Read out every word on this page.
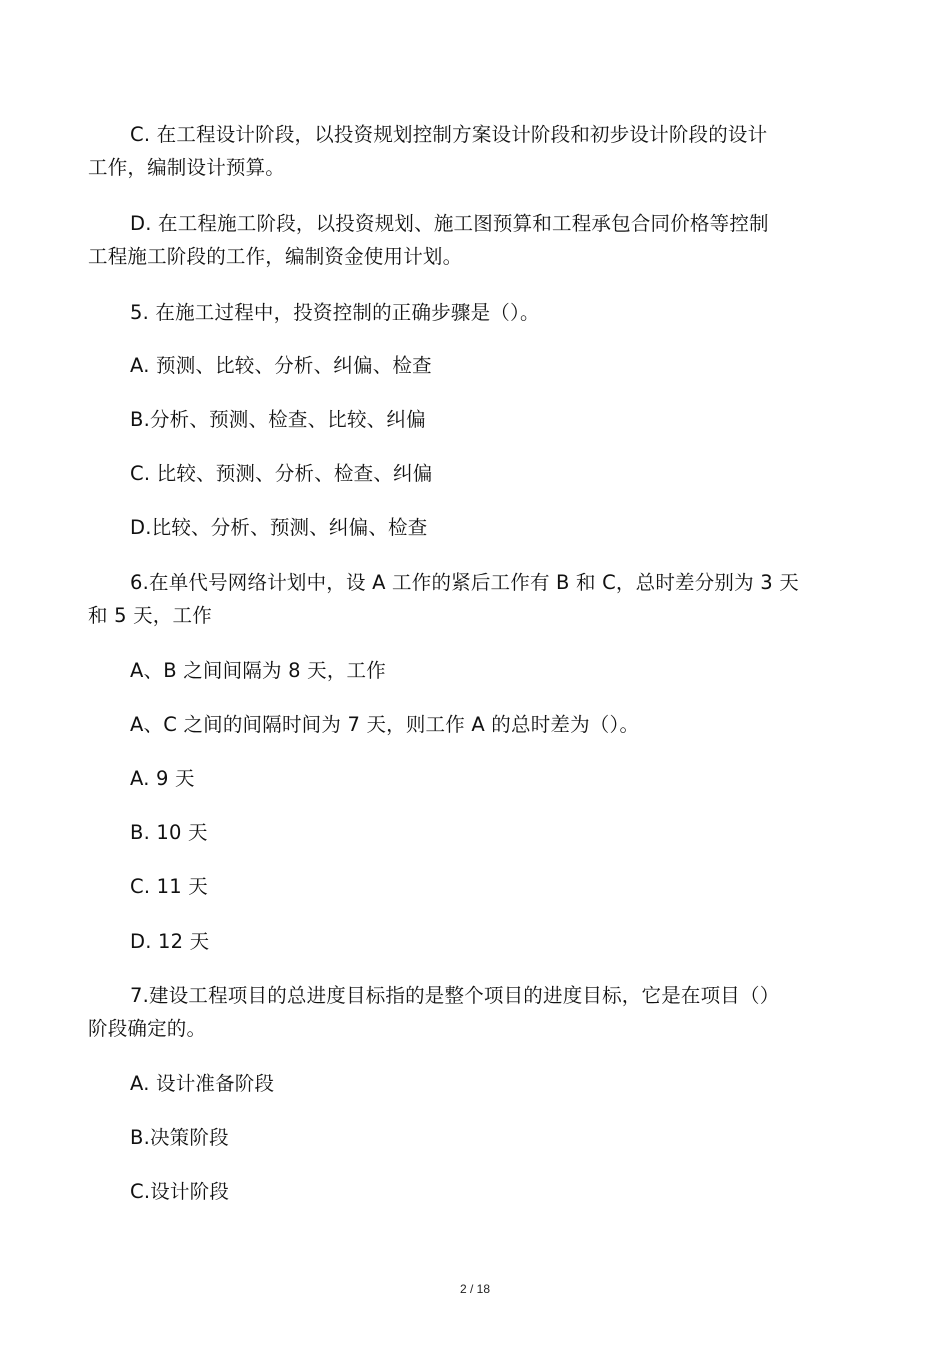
C. 在工程设计阶段，以投资规划控制方案设计阶段和初步设计阶段的设计
工作，编制设计预算。
D. 在工程施工阶段，以投资规划、施工图预算和工程承包合同价格等控制
工程施工阶段的工作，编制资金使用计划。
5. 在施工过程中，投资控制的正确步骤是（）。
A. 预测、比较、分析、纠偏、检查
B.分析、预测、检查、比较、纠偏
C. 比较、预测、分析、检查、纠偏
D.比较、分析、预测、纠偏、检查
6.在单代号网络计划中，设 A 工作的紧后工作有 B 和 C，总时差分别为 3 天
和 5 天，工作
A、B 之间间隔为 8 天，工作
A、C 之间的间隔时间为 7 天，则工作 A 的总时差为（）。
A. 9 天
B. 10 天
C. 11 天
D. 12 天
7.建设工程项目的总进度目标指的是整个项目的进度目标，它是在项目（）
阶段确定的。
A. 设计准备阶段
B.决策阶段
C.设计阶段
2 / 18
